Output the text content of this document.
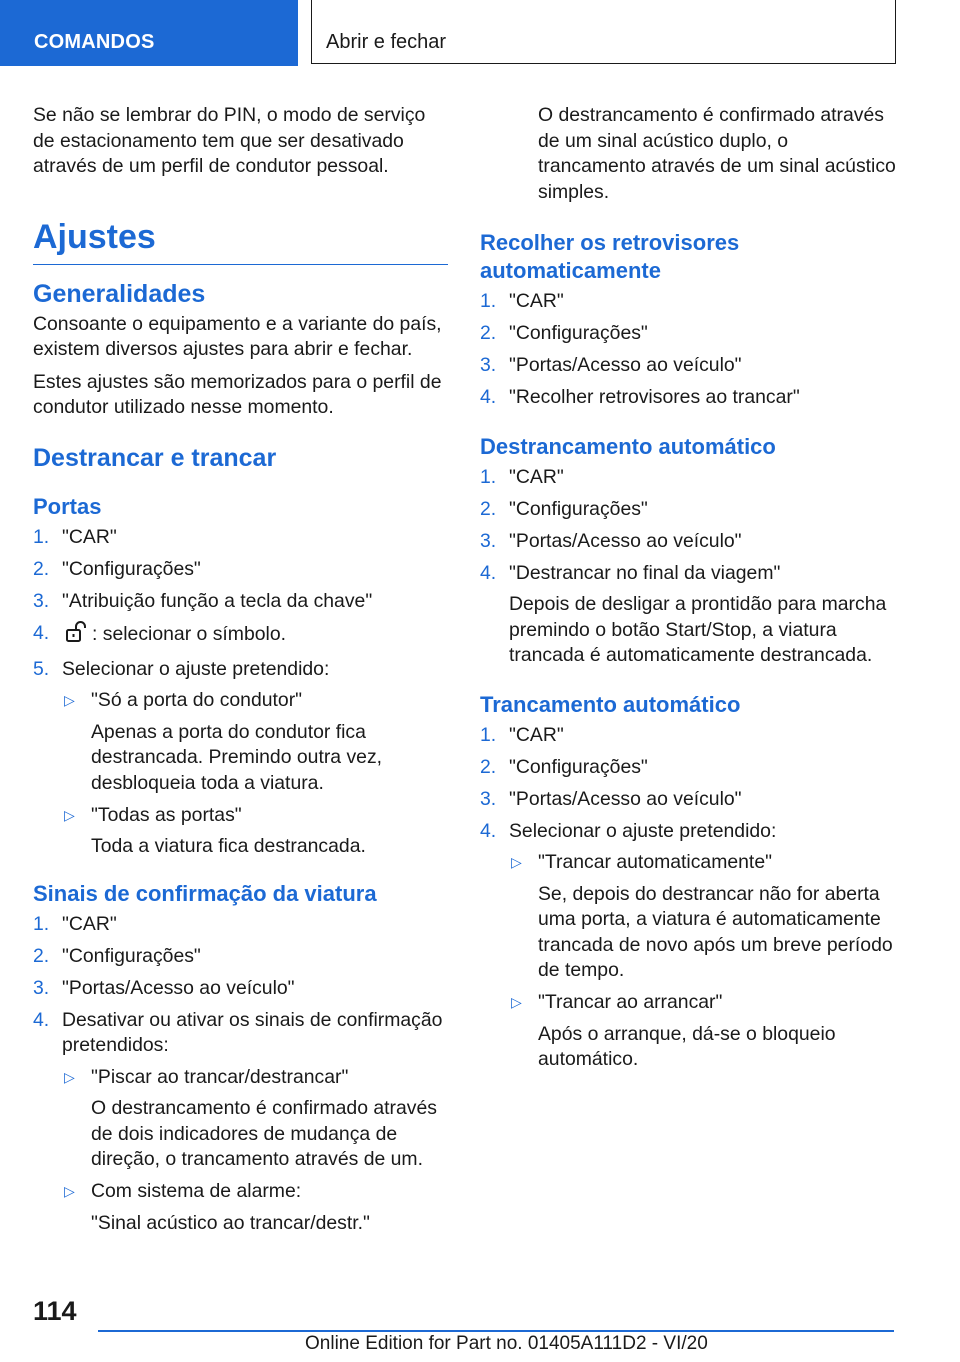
COMANDOS	Abrir e fechar

Se não se lembrar do PIN, o modo de serviço de estacionamento tem que ser desativado através de um perfil de condutor pessoal.

Ajustes
Generalidades

Consoante o equipamento e a variante do país, existem diversos ajustes para abrir e fechar.

Estes ajustes são memorizados para o perfil de condutor utilizado nesse momento.

Destrancar e trancar
Portas
1. "CAR"
2. "Configurações"
3. "Atribuição função a tecla da chave"
4. : selecionar o símbolo.
5. Selecionar o ajuste pretendido:
▷ "Só a porta do condutor"
Apenas a porta do condutor fica destrancada. Premindo outra vez, desbloqueia toda a viatura.
▷ "Todas as portas"
Toda a viatura fica destrancada.
Sinais de confirmação da viatura
1. "CAR"
2. "Configurações"
3. "Portas/Acesso ao veículo"
4. Desativar ou ativar os sinais de confirmação pretendidos:
▷ "Piscar ao trancar/destrancar"
O destrancamento é confirmado através de dois indicadores de mudança de direção, o trancamento através de um.
▷ Com sistema de alarme:
"Sinal acústico ao trancar/destr."

O destrancamento é confirmado através de um sinal acústico duplo, o trancamento através de um sinal acústico simples.

Recolher os retrovisores automaticamente
1. "CAR"
2. "Configurações"
3. "Portas/Acesso ao veículo"
4. "Recolher retrovisores ao trancar"
Destrancamento automático
1. "CAR"
2. "Configurações"
3. "Portas/Acesso ao veículo"
4. "Destrancar no final da viagem"
Depois de desligar a prontidão para marcha premindo o botão Start/Stop, a viatura trancada é automaticamente destrancada.
Trancamento automático
1. "CAR"
2. "Configurações"
3. "Portas/Acesso ao veículo"
4. Selecionar o ajuste pretendido:
▷ "Trancar automaticamente"
Se, depois do destrancar não for aberta uma porta, a viatura é automaticamente trancada de novo após um breve período de tempo.
▷ "Trancar ao arrancar"
Após o arranque, dá-se o bloqueio automático.
114
Online Edition for Part no. 01405A111D2 - VI/20
